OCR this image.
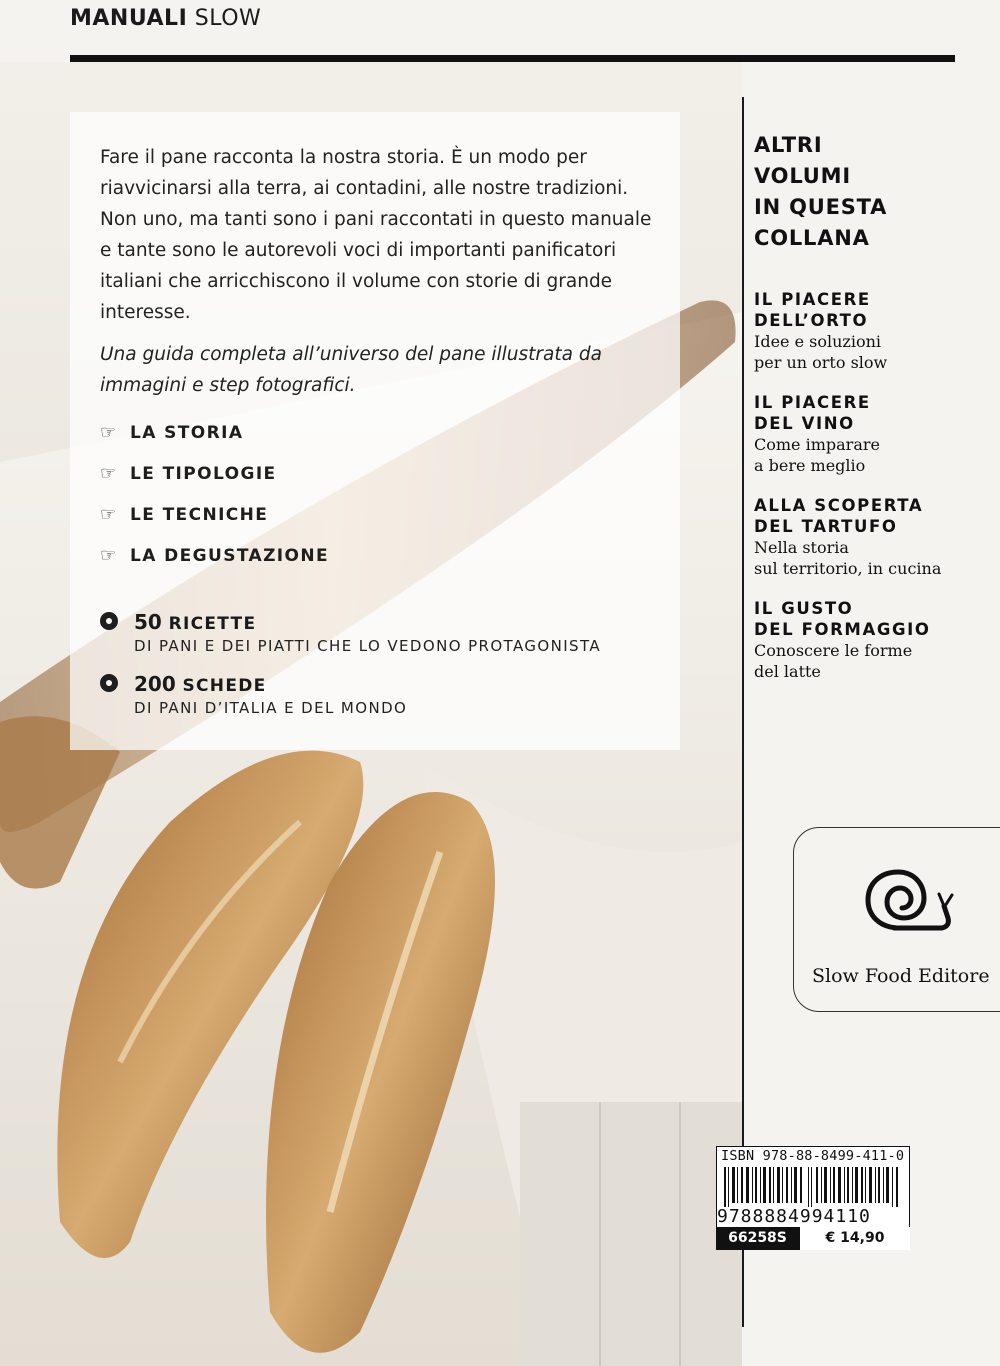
MANUALI SLOW
Fare il pane racconta la nostra storia. È un modo per riavvicinarsi alla terra, ai contadini, alle nostre tradizioni. Non uno, ma tanti sono i pani raccontati in questo manuale e tante sono le autorevoli voci di importanti panificatori italiani che arricchiscono il volume con storie di grande interesse.
Una guida completa all’universo del pane illustrata da immagini e step fotografici.
☞ LA STORIA
☞ LE TIPOLOGIE
☞ LE TECNICHE
☞ LA DEGUSTAZIONE
50 RICETTE
DI PANI E DEI PIATTI CHE LO VEDONO PROTAGONISTA
200 SCHEDE
DI PANI D’ITALIA E DEL MONDO
ALTRI
VOLUMI
IN QUESTA
COLLANA
IL PIACERE
DELL’ORTO
Idee e soluzioni
per un orto slow
IL PIACERE
DEL VINO
Come imparare
a bere meglio
ALLA SCOPERTA
DEL TARTUFO
Nella storia
sul territorio, in cucina
IL GUSTO
DEL FORMAGGIO
Conoscere le forme
del latte
Slow Food Editore
ISBN 978-88-8499-411-0
9788884994110
66258S	€ 14,90
